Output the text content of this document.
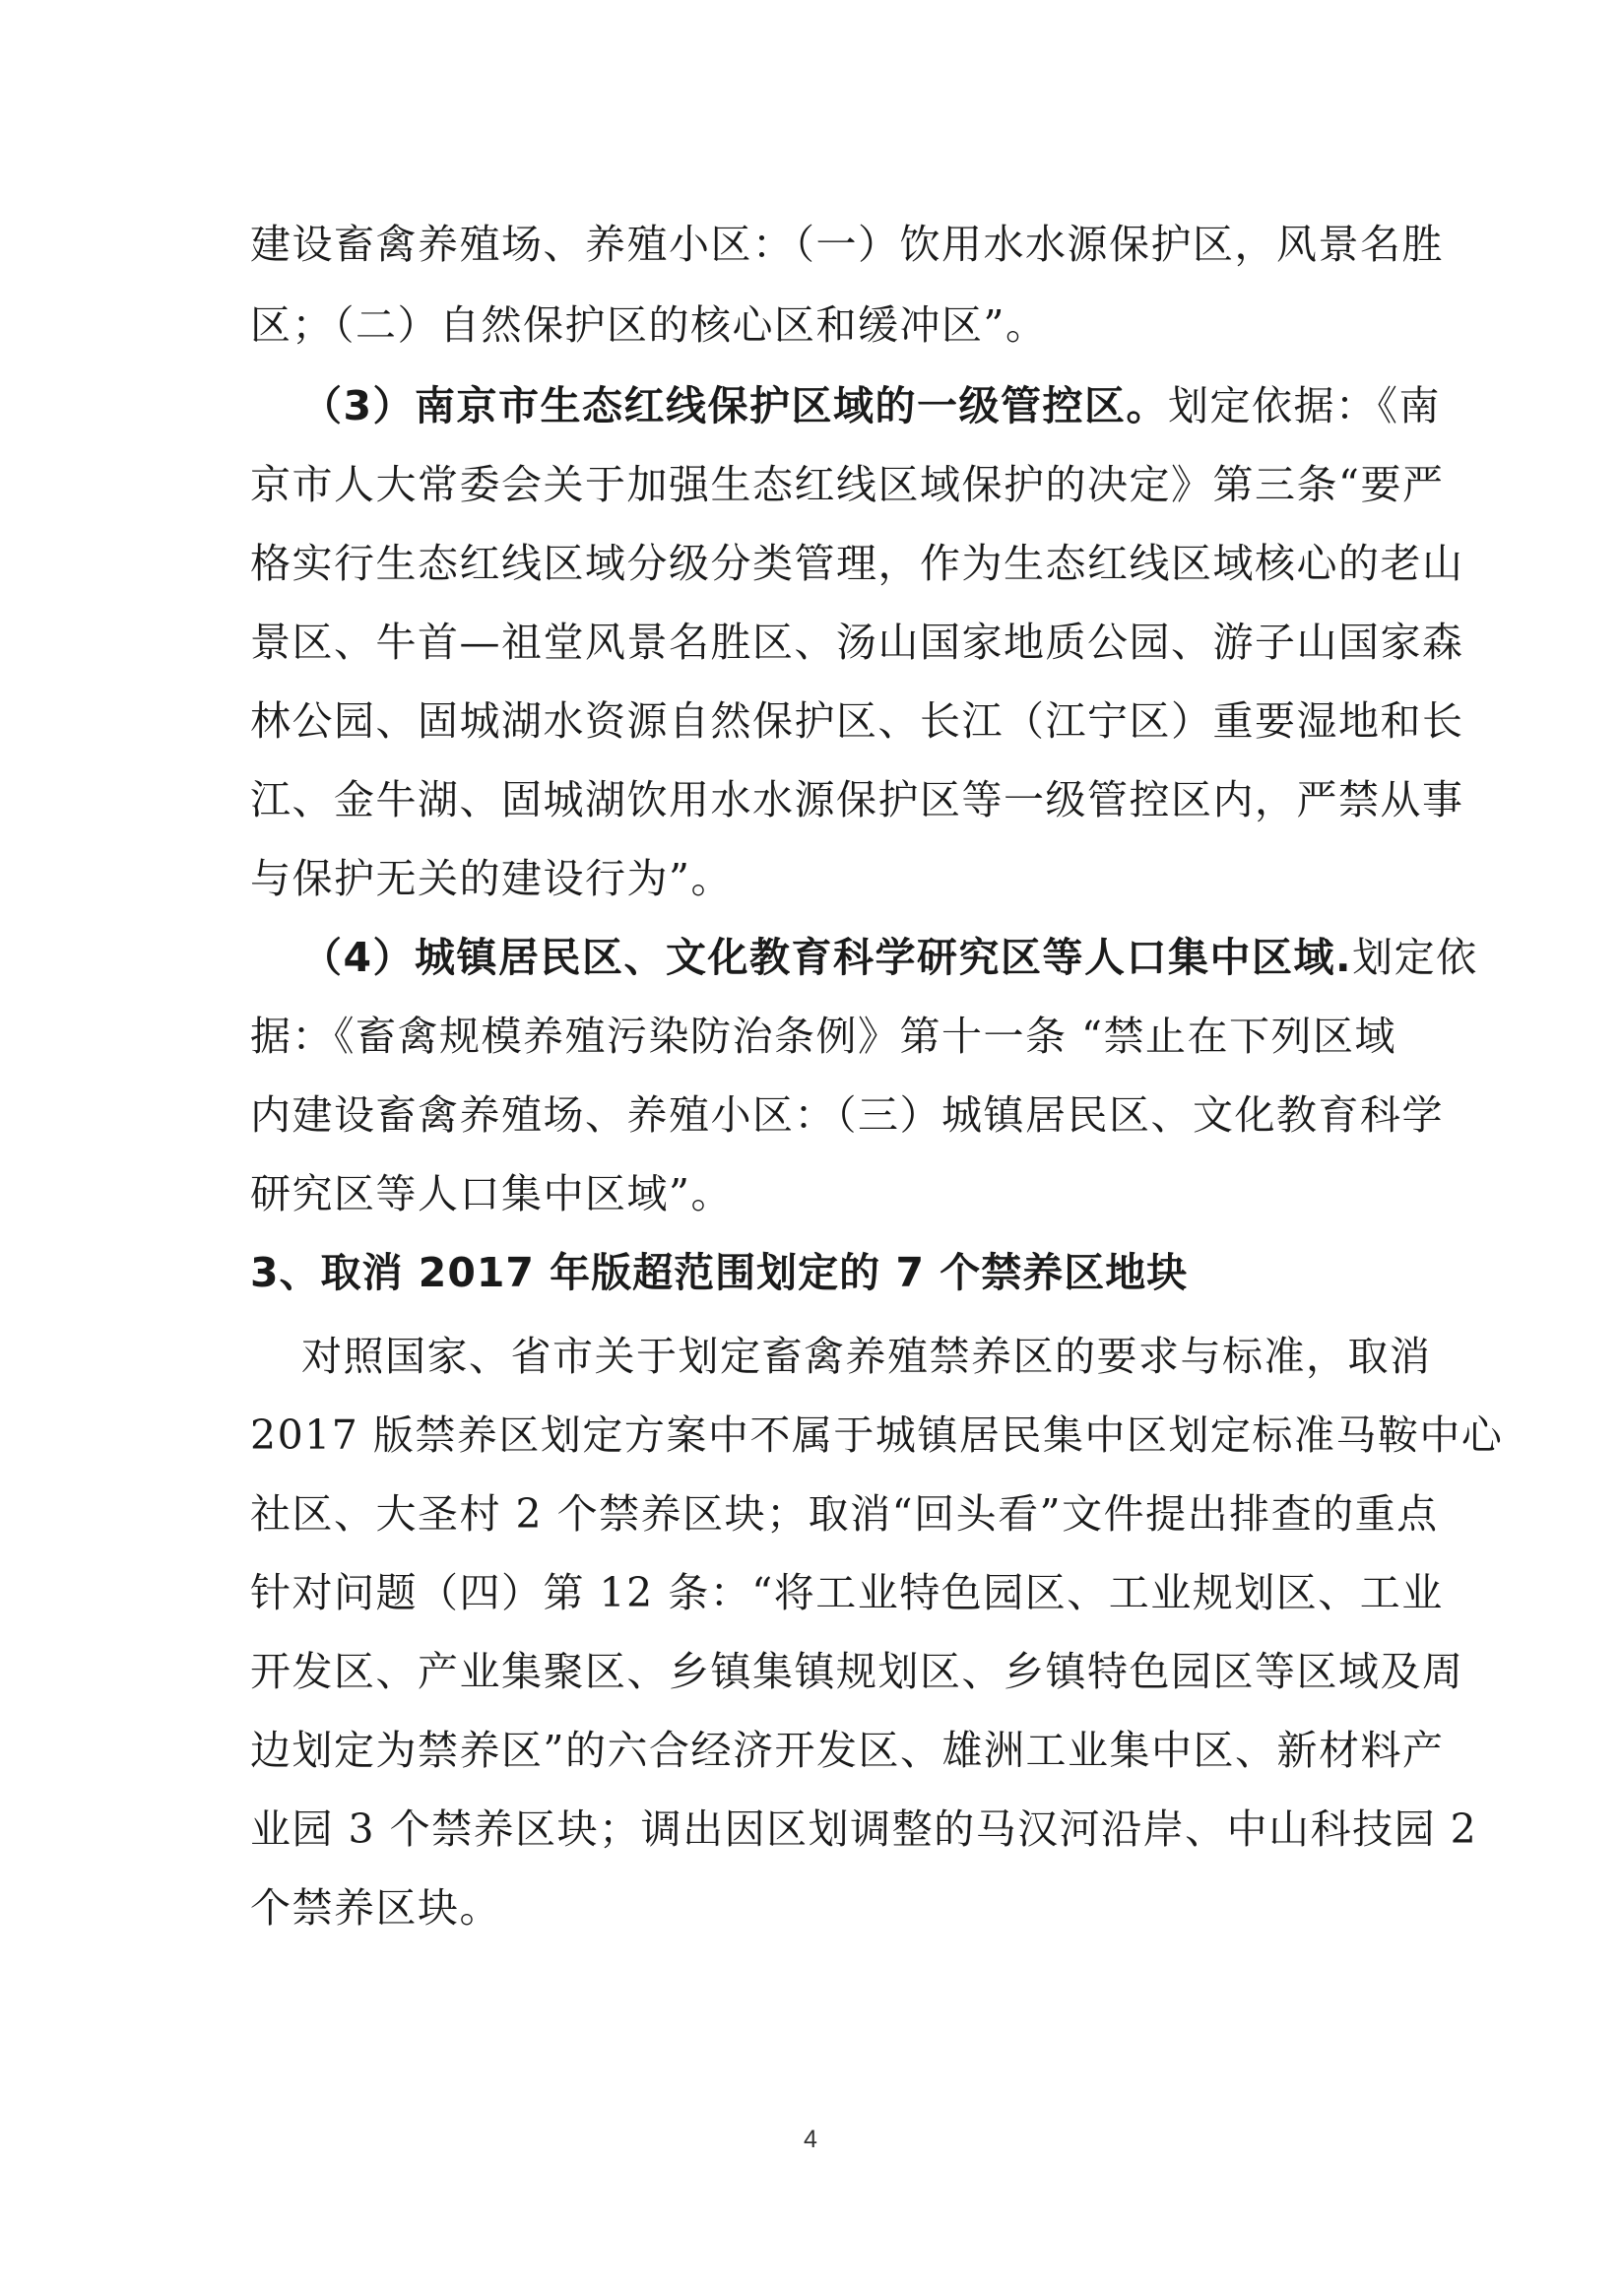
建设畜禽养殖场、养殖小区：（一）饮用水水源保护区，风景名胜
区；（二）自然保护区的核心区和缓冲区”。
（3）南京市生态红线保护区域的一级管控区。划定依据：《南
京市人大常委会关于加强生态红线区域保护的决定》第三条“要严
格实行生态红线区域分级分类管理，作为生态红线区域核心的老山
景区、牛首—祖堂风景名胜区、汤山国家地质公园、游子山国家森
林公园、固城湖水资源自然保护区、长江（江宁区）重要湿地和长
江、金牛湖、固城湖饮用水水源保护区等一级管控区内，严禁从事
与保护无关的建设行为”。
（4）城镇居民区、文化教育科学研究区等人口集中区域.划定依
据：《畜禽规模养殖污染防治条例》第十一条 “禁止在下列区域
内建设畜禽养殖场、养殖小区：（三）城镇居民区、文化教育科学
研究区等人口集中区域”。
3、取消 2017 年版超范围划定的 7 个禁养区地块
对照国家、省市关于划定畜禽养殖禁养区的要求与标准，取消
2017 版禁养区划定方案中不属于城镇居民集中区划定标准马鞍中心
社区、大圣村 2 个禁养区块；取消“回头看”文件提出排查的重点
针对问题（四）第 12 条：“将工业特色园区、工业规划区、工业
开发区、产业集聚区、乡镇集镇规划区、乡镇特色园区等区域及周
边划定为禁养区”的六合经济开发区、雄洲工业集中区、新材料产
业园 3 个禁养区块；调出因区划调整的马汉河沿岸、中山科技园 2
个禁养区块。
4
